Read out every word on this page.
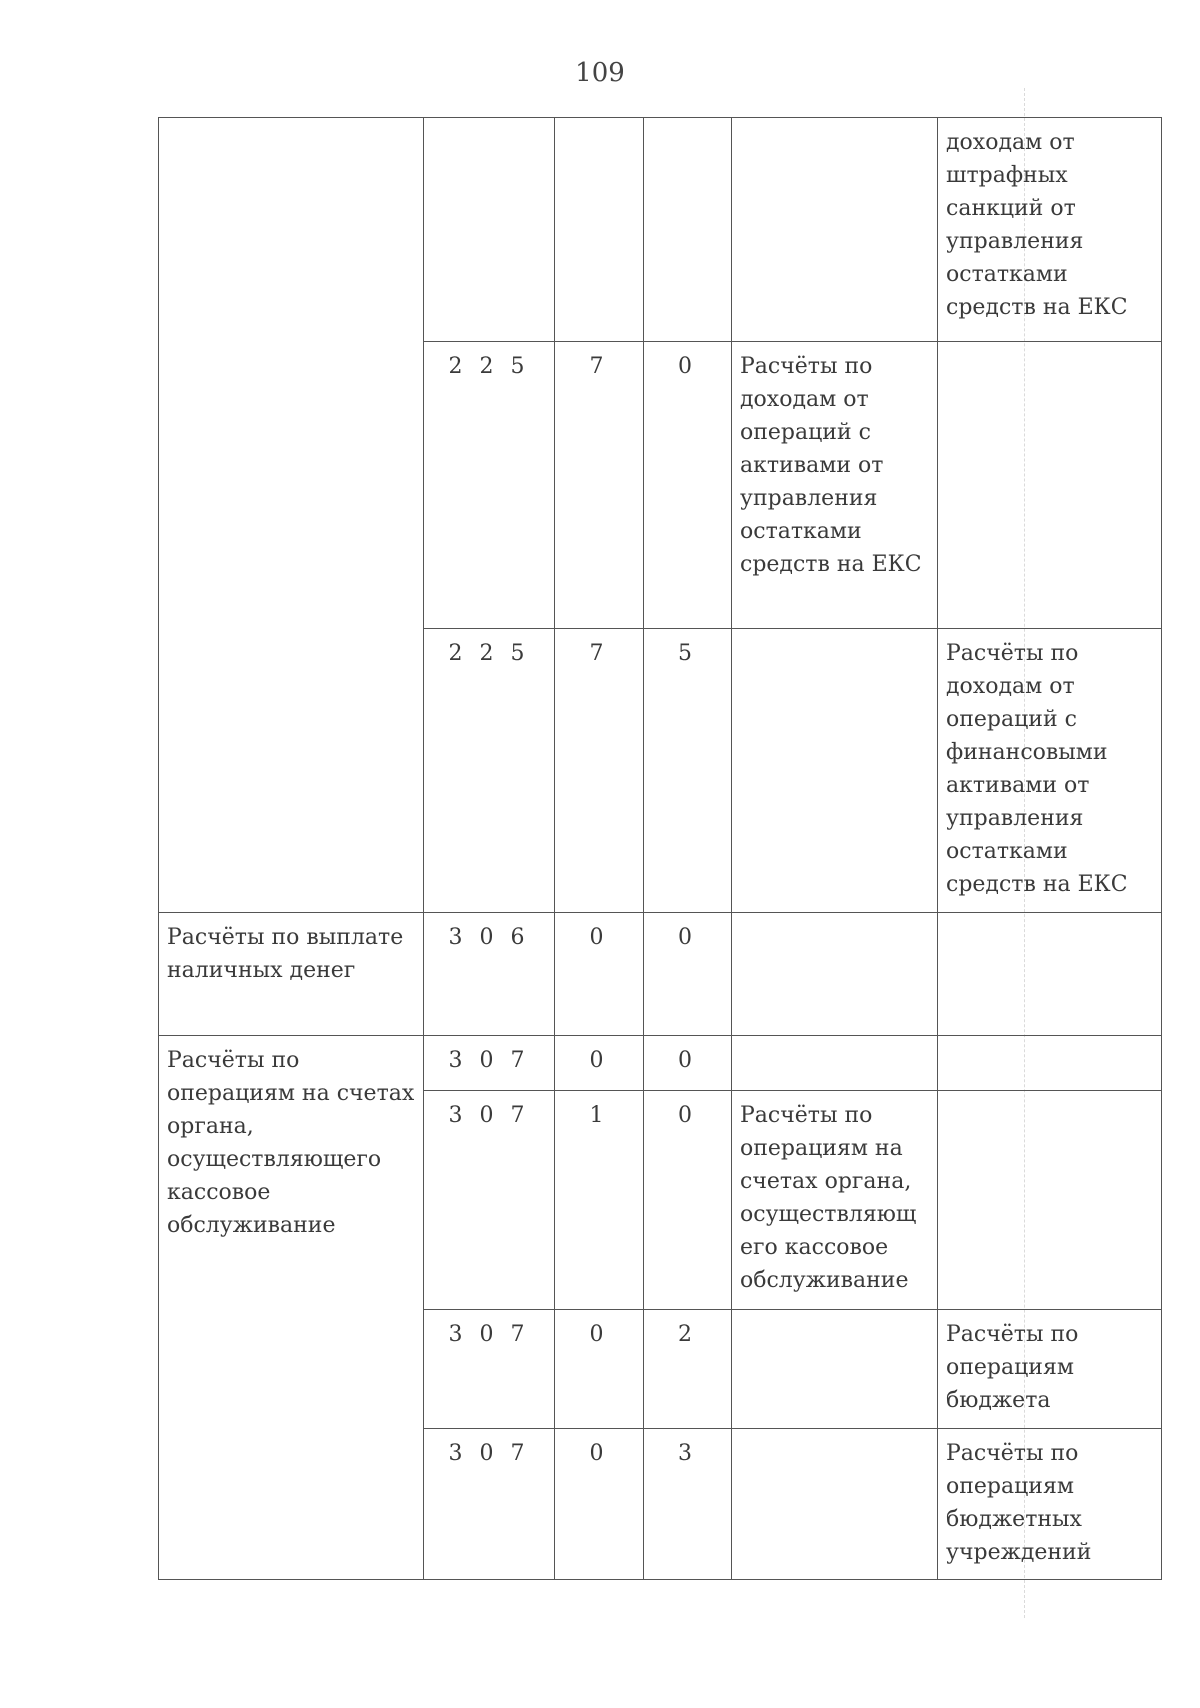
109
					доходам от штрафных санкций от управления остатками средств на ЕКС
	2 2 5	7	0	Расчёты по доходам от операций с активами от управления остатками средств на ЕКС	
	2 2 5	7	5		Расчёты по доходам от операций с финансовыми активами от управления остатками средств на ЕКС
Расчёты по выплате наличных денег	3 0 6	0	0		
Расчёты по операциям на счетах органа, осуществляющего кассовое обслуживание	3 0 7	0	0		
	3 0 7	1	0	Расчёты по операциям на счетах органа, осуществляющ его кассовое обслуживание	
	3 0 7	0	2		Расчёты по операциям бюджета
	3 0 7	0	3		Расчёты по операциям бюджетных учреждений
